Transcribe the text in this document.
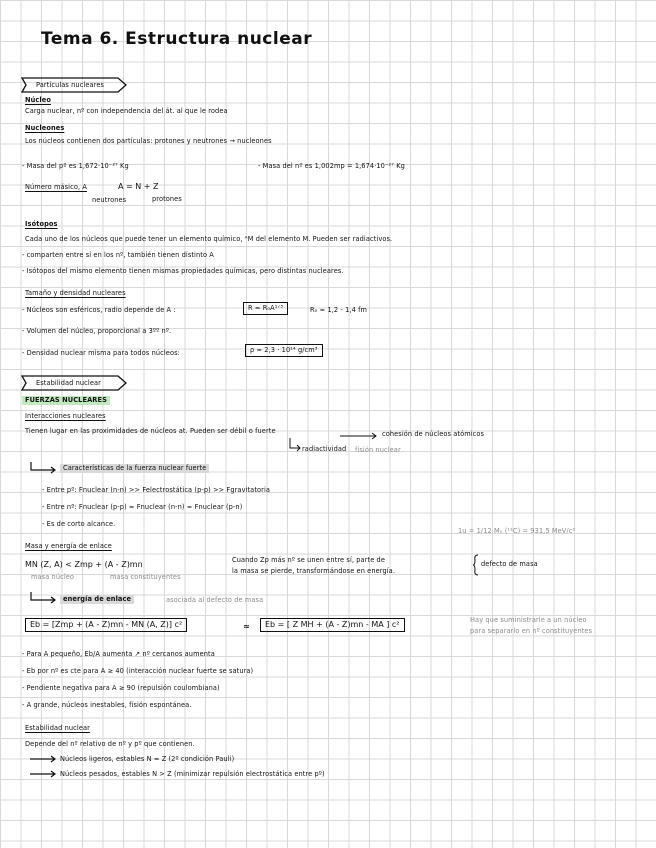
Tema 6. Estructura nuclear
Partículas nucleares
Núcleo
Carga nuclear, nº con independencia del át. al que le rodea
Nucleones
Los núcleos contienen dos partículas: protones y neutrones → nucleones
- Masa del pº es 1,672·10⁻²⁷ Kg	- Masa del nº es 1,002mp = 1,674·10⁻²⁷ Kg
Número másico, A	A = N + Z
neutrones	protones
Isótopos
Cada uno de los núcleos que puede tener un elemento químico, ᴬM del elemento M. Pueden ser radiactivos.
- comparten entre sí en los nº, también tienen distinto A
- Isótopos del mismo elemento tienen mismas propiedades químicas, pero distintas nucleares.
Tamaño y densidad nucleares
- Núcleos son esféricos, radio depende de A :	R ≈ R₀A¹ᐟ³	R₀ ≈ 1,2 - 1,4 fm
- Volumen del núcleo, proporcional a 3ºº nº.
- Densidad nuclear misma para todos núcleos:	ρ ≈ 2,3 · 10¹⁴ g/cm³
Estabilidad nuclear
FUERZAS NUCLEARES
Interacciones nucleares
Tienen lugar en las proximidades de núcleos at. Pueden ser débil o fuerte	cohesión de núcleos atómicos
radiactividad fisión nuclear
Características de la fuerza nuclear fuerte
- Entre pº: Fnuclear (n-n) >> Felectrostática (p-p) >> Fgravitatoria
- Entre nº: Fnuclear (p-p) ≈ Fnuclear (n-n) ≈ Fnuclear (p-n)
- Es de corto alcance.
1u = 1/12 M₀ (¹²C) = 931,5 MeV/c²
Masa y energía de enlace
MN (Z, A) < Zmp + (A - Z)mn
masa núcleo	masa constituyentes
Cuando Zp más nº se unen entre sí, parte de
la masa se pierde, transformándose en energía.
defecto de masa
energía de enlace	asociada al defecto de masa
Eb = [Zmp + (A - Z)mn - MN (A, Z)] c²	≈	Eb = [ Z MH + (A - Z)mn - MA ] c²	Hay que suministrarle a un núcleo
para separarlo en nº constituyentes
- Para A pequeño, Eb/A aumenta ↗ nº cercanos aumenta
- Eb por nº es cte para A ≥ 40 (interacción nuclear fuerte se satura)
- Pendiente negativa para A ≥ 90 (repulsión coulombiana)
- A grande, núcleos inestables, fisión espontánea.
Estabilidad nuclear
Depende del nº relativo de nº y pº que contienen.
Núcleos ligeros, estables N ≈ Z (2º condición Pauli)
Núcleos pesados, estables N > Z (minimizar repulsión electrostática entre pº)
